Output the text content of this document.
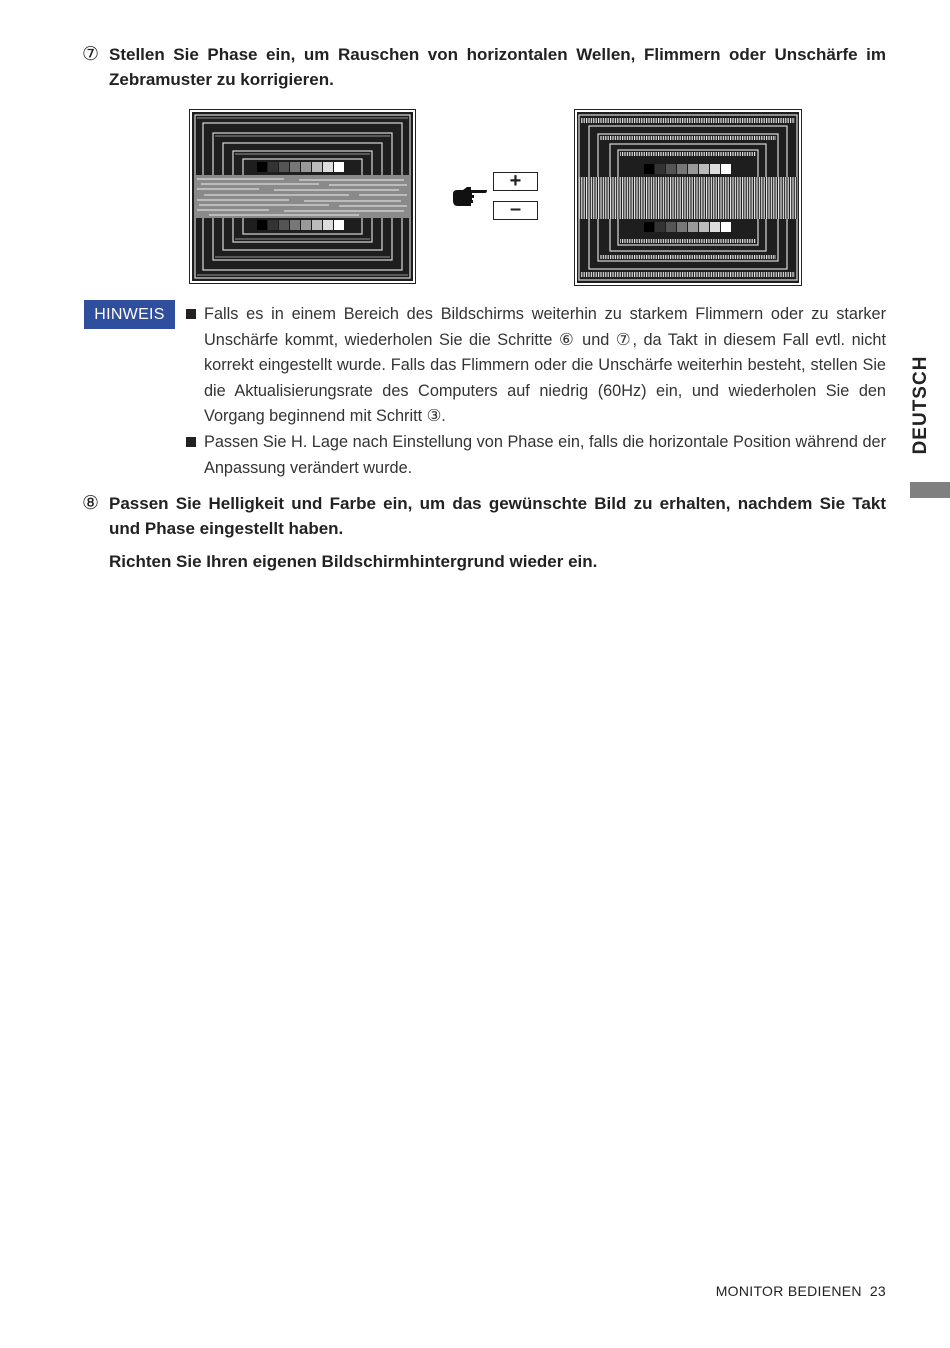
⑦ Stellen Sie Phase ein, um Rauschen von horizontalen Wellen, Flimmern oder Unschärfe im Zebramuster zu korrigieren.
+
–
HINWEIS	Falls es in einem Bereich des Bildschirms weiterhin zu starkem Flimmern oder zu starker Unschärfe kommt, wiederholen Sie die Schritte ⑥ und ⑦, da Takt in diesem Fall evtl. nicht korrekt eingestellt wurde. Falls das Flimmern oder die Unschärfe weiterhin besteht, stellen Sie die Aktualisierungsrate des Computers auf niedrig (60Hz) ein, und wiederholen Sie den Vorgang beginnend mit Schritt ③.
Passen Sie H. Lage nach Einstellung von Phase ein, falls die horizontale Position während der Anpassung verändert wurde.
⑧ Passen Sie Helligkeit und Farbe ein, um das gewünschte Bild zu erhalten, nachdem Sie Takt und Phase eingestellt haben.
Richten Sie Ihren eigenen Bildschirmhintergrund wieder ein.
DEUTSCH
MONITOR BEDIENEN 23
